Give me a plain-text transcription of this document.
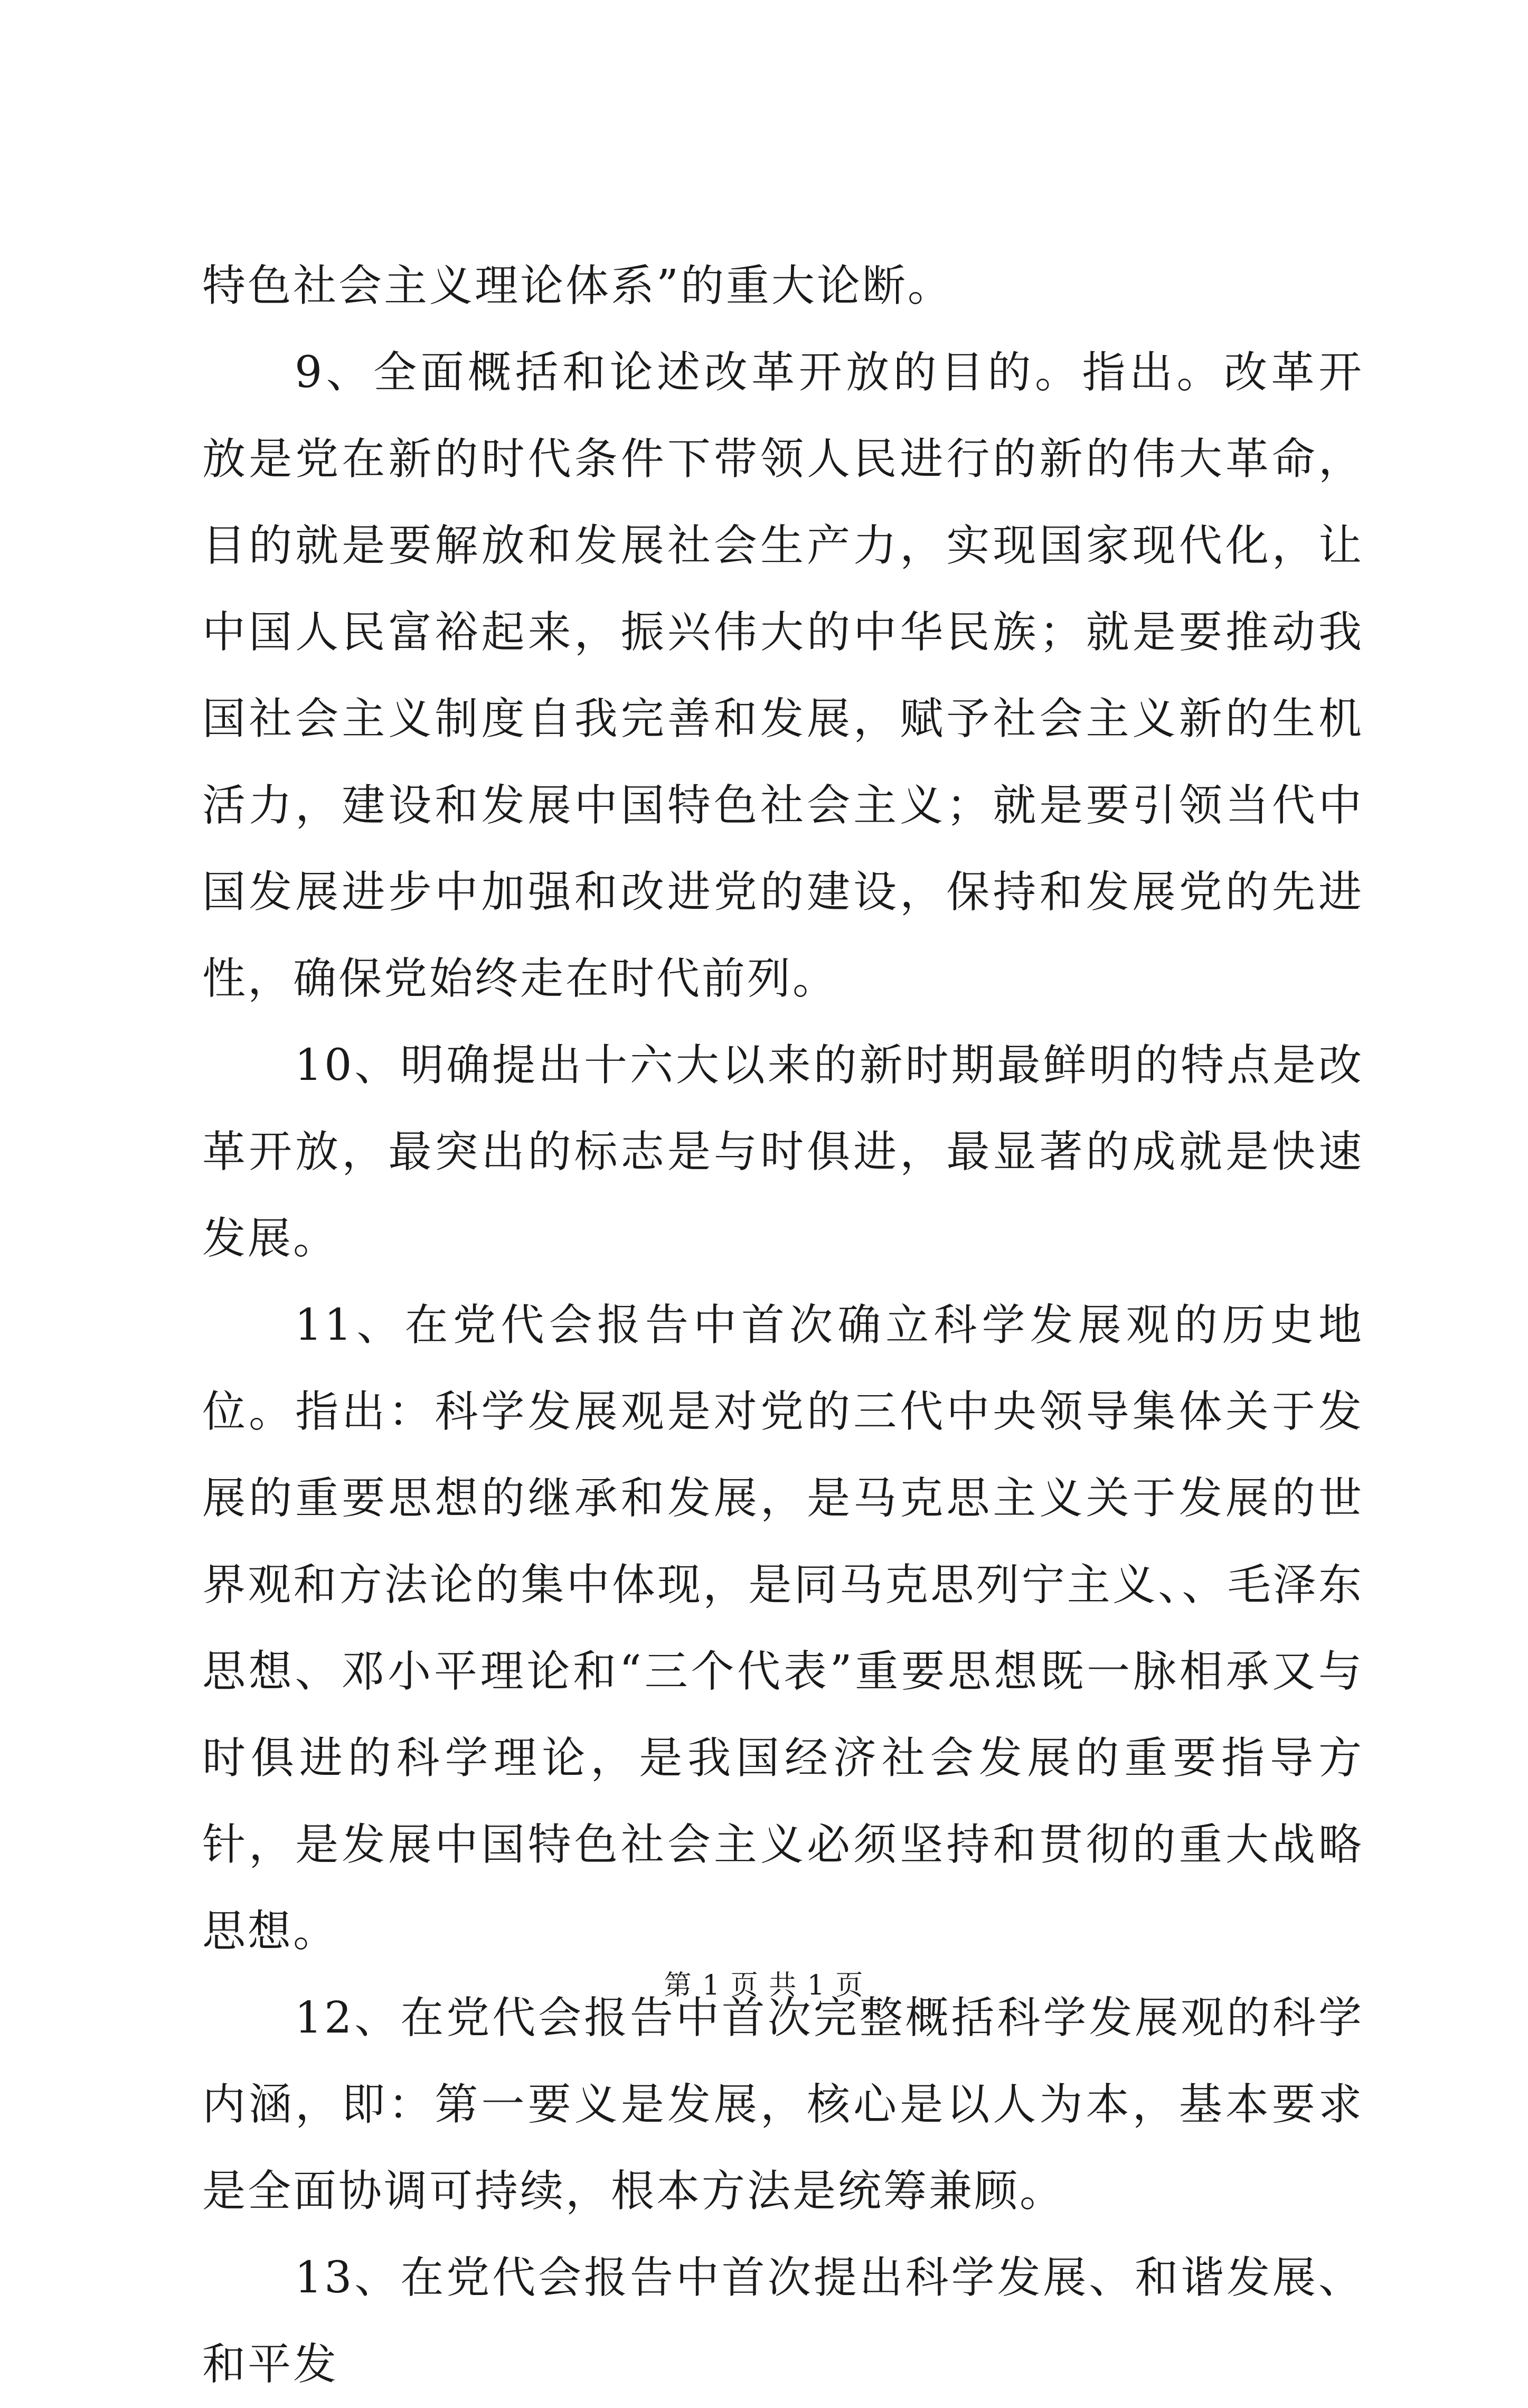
特色社会主义理论体系”的重大论断。

9、全面概括和论述改革开放的目的。指出。改革开放是党在新的时代条件下带领人民进行的新的伟大革命，目的就是要解放和发展社会生产力，实现国家现代化，让中国人民富裕起来，振兴伟大的中华民族；就是要推动我国社会主义制度自我完善和发展，赋予社会主义新的生机活力，建设和发展中国特色社会主义；就是要引领当代中国发展进步中加强和改进党的建设，保持和发展党的先进性，确保党始终走在时代前列。

10、明确提出十六大以来的新时期最鲜明的特点是改革开放，最突出的标志是与时俱进，最显著的成就是快速发展。

11、在党代会报告中首次确立科学发展观的历史地位。指出：科学发展观是对党的三代中央领导集体关于发展的重要思想的继承和发展，是马克思主义关于发展的世界观和方法论的集中体现，是同马克思列宁主义、、毛泽东思想、邓小平理论和“三个代表”重要思想既一脉相承又与时俱进的科学理论，是我国经济社会发展的重要指导方针，是发展中国特色社会主义必须坚持和贯彻的重大战略思想。

12、在党代会报告中首次完整概括科学发展观的科学内涵，即：第一要义是发展，核心是以人为本，基本要求是全面协调可持续，根本方法是统筹兼顾。

13、在党代会报告中首次提出科学发展、和谐发展、和平发

第 1 页 共 1 页
